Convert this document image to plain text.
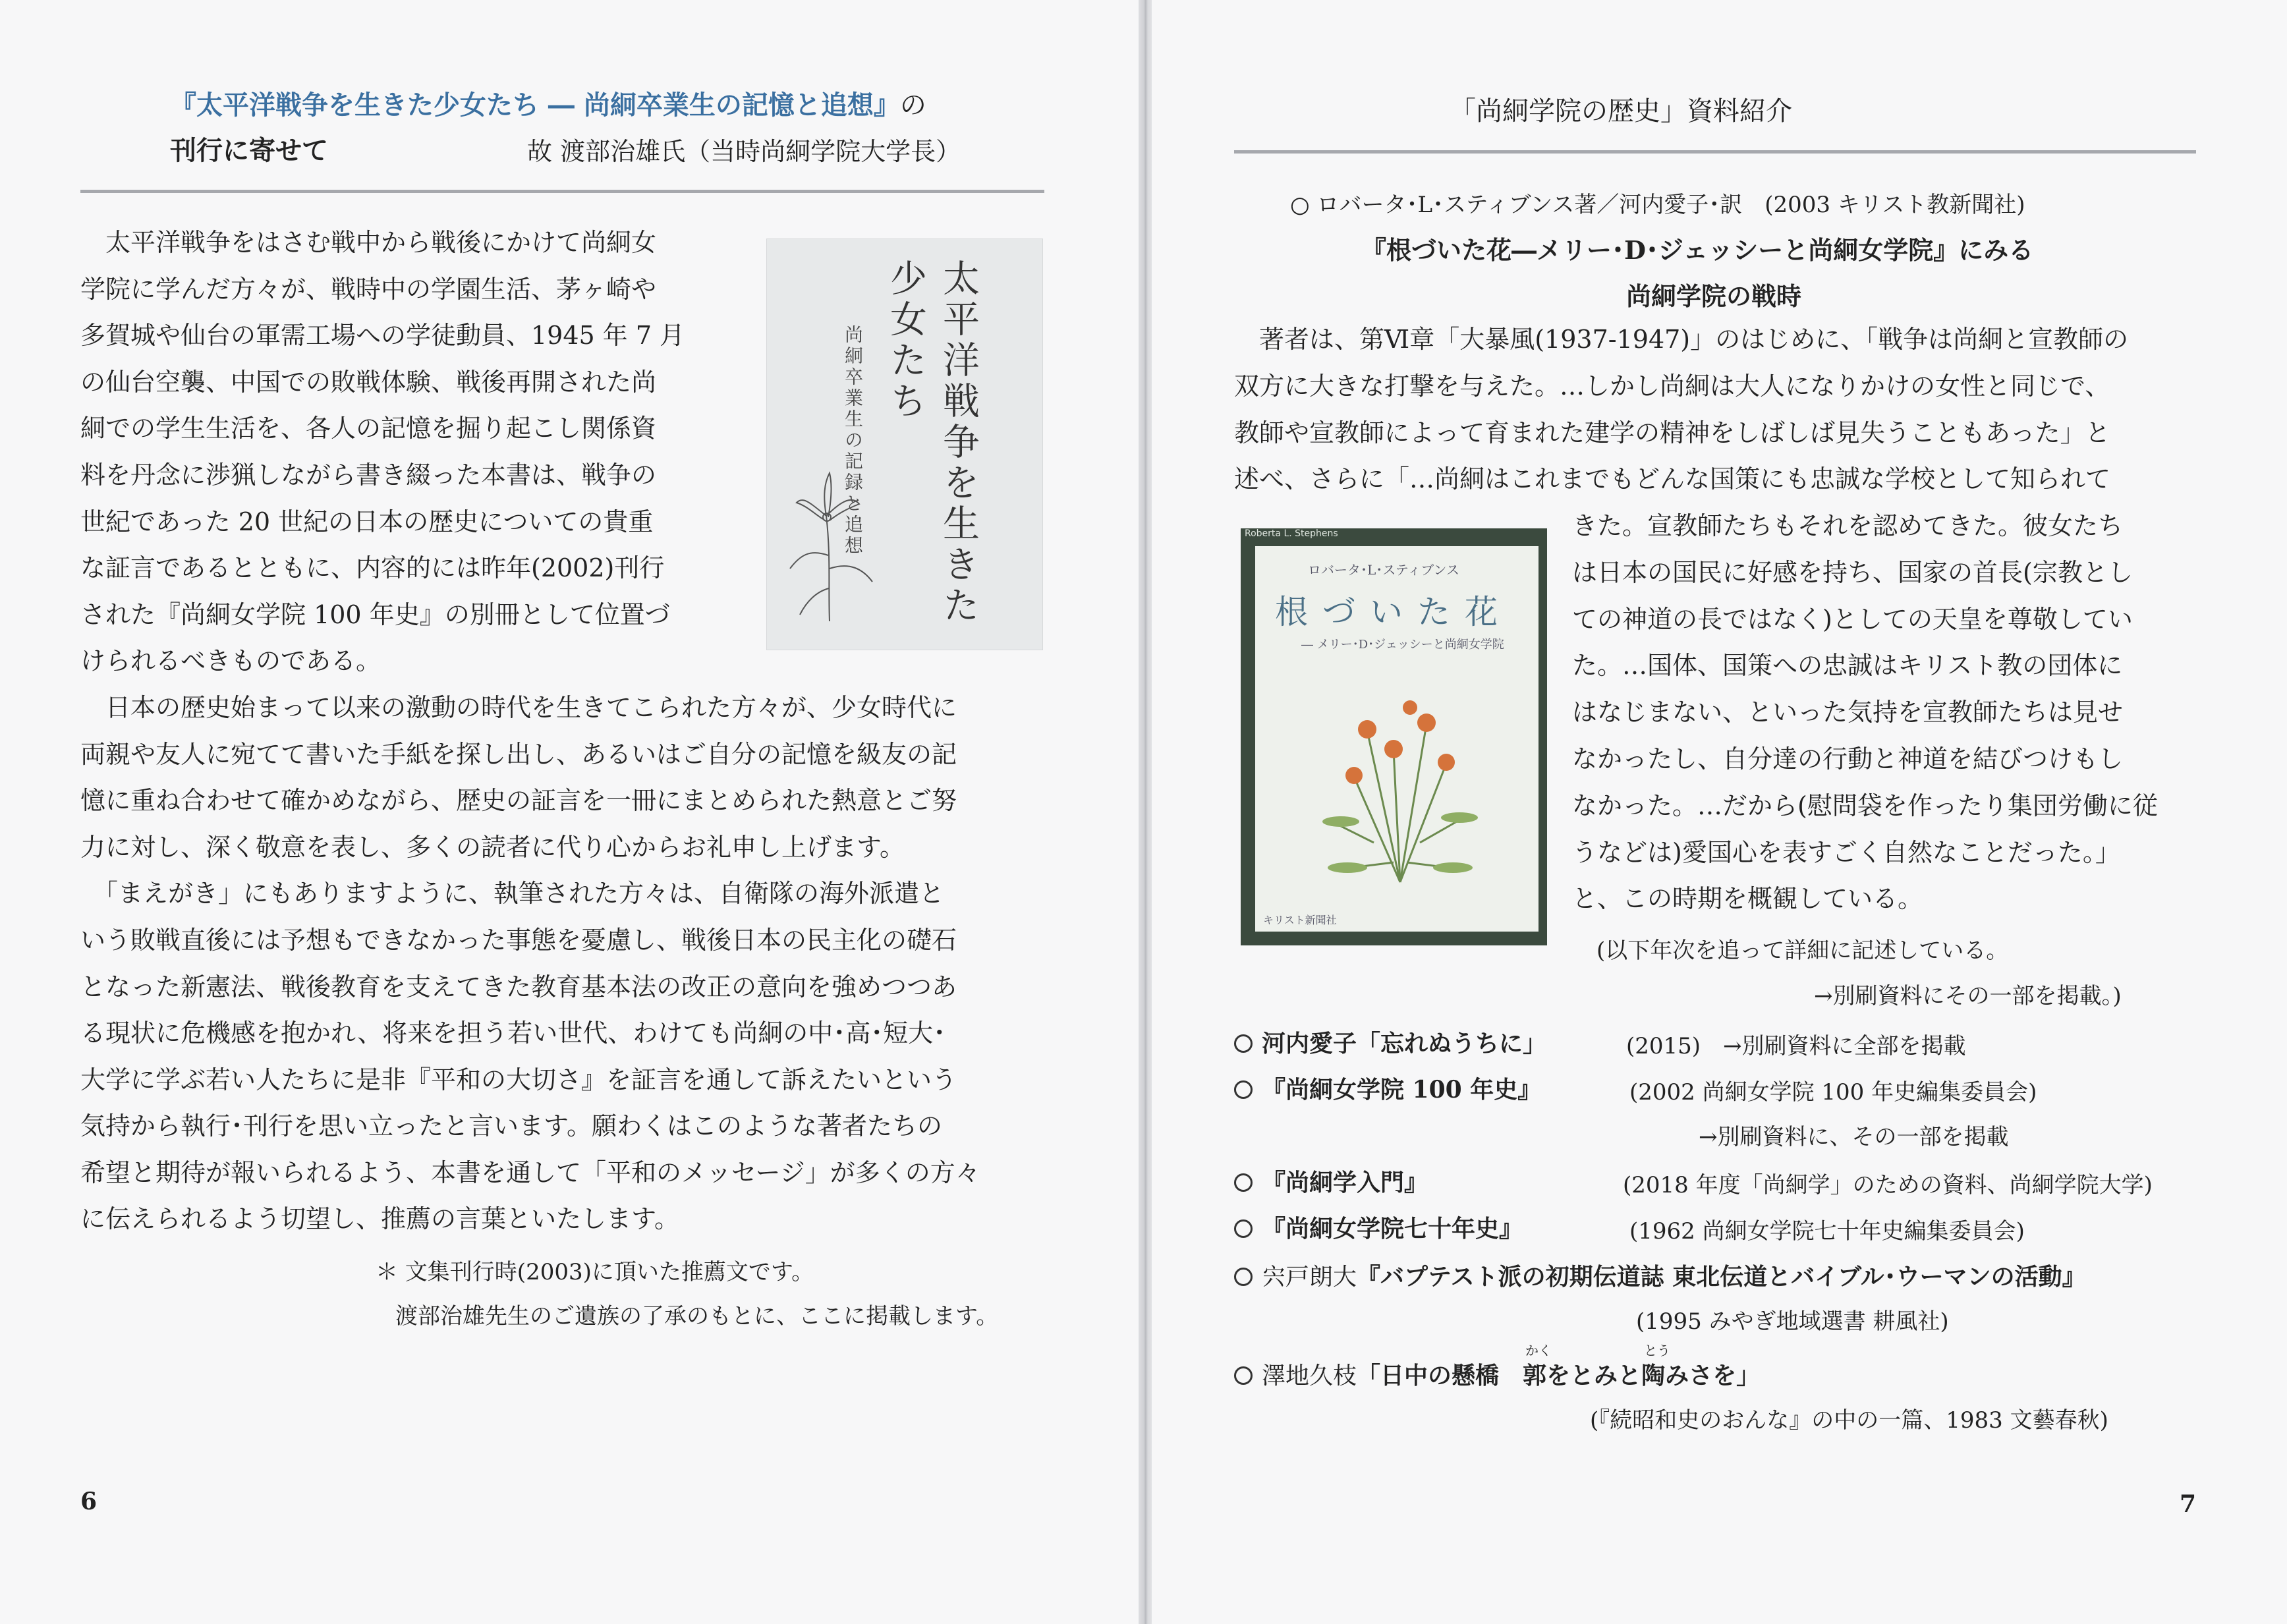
『太平洋戦争を生きた少女たち ― 尚絅卒業生の記憶と追想』の
刊行に寄せて	故 渡部治雄氏（当時尚絅学院大学長）
太平洋戦争を生きた少女たち
尚絅卒業生の記録と追想

　太平洋戦争をはさむ戦中から戦後にかけて尚絅女

学院に学んだ方々が、戦時中の学園生活、茅ヶ崎や

多賀城や仙台の軍需工場への学徒動員、1945 年 7 月

の仙台空襲、中国での敗戦体験、戦後再開された尚

絅での学生生活を、各人の記憶を掘り起こし関係資

料を丹念に渉猟しながら書き綴った本書は、戦争の

世紀であった 20 世紀の日本の歴史についての貴重

な証言であるとともに、内容的には昨年(2002)刊行

された『尚絅女学院 100 年史』の別冊として位置づ

けられるべきものである。

　日本の歴史始まって以来の激動の時代を生きてこられた方々が、少女時代に

両親や友人に宛てて書いた手紙を探し出し、あるいはご自分の記憶を級友の記

憶に重ね合わせて確かめながら、歴史の証言を一冊にまとめられた熱意とご努

力に対し、深く敬意を表し、多くの読者に代り心からお礼申し上げます。

　「まえがき」にもありますように、執筆された方々は、自衛隊の海外派遣と

いう敗戦直後には予想もできなかった事態を憂慮し、戦後日本の民主化の礎石

となった新憲法、戦後教育を支えてきた教育基本法の改正の意向を強めつつあ

る現状に危機感を抱かれ、将来を担う若い世代、わけても尚絅の中･高･短大･

大学に学ぶ若い人たちに是非『平和の大切さ』を証言を通して訴えたいという

気持から執行･刊行を思い立ったと言います。願わくはこのような著者たちの

希望と期待が報いられるよう、本書を通して「平和のメッセージ」が多くの方々

に伝えられるよう切望し、推薦の言葉といたします。

＊ 文集刊行時(2003)に頂いた推薦文です。
渡部治雄先生のご遺族の了承のもとに、ここに掲載します。
6
「尚絅学院の歴史」資料紹介
○ ロバータ･L･スティブンス著／河内愛子･訳　(2003 キリスト教新聞社)
『根づいた花―メリー･D･ジェッシーと尚絅女学院』にみる
尚絅学院の戦時

　著者は、第Ⅵ章「大暴風(1937-1947)」のはじめに、「戦争は尚絅と宣教師の

双方に大きな打撃を与えた。…しかし尚絅は大人になりかけの女性と同じで、

教師や宣教師によって育まれた建学の精神をしばしば見失うこともあった」と

述べ、さらに「…尚絅はこれまでもどんな国策にも忠誠な学校として知られて

Roberta L. Stephens
ロバータ･L･スティブンス
根づいた花
― メリー･D･ジェッシーと尚絅女学院
キリスト新聞社

きた。宣教師たちもそれを認めてきた。彼女たち

は日本の国民に好感を持ち、国家の首長(宗教とし

ての神道の長ではなく)としての天皇を尊敬してい

た。…国体、国策への忠誠はキリスト教の団体に

はなじまない、といった気持を宣教師たちは見せ

なかったし、自分達の行動と神道を結びつけもし

なかった。…だから(慰問袋を作ったり集団労働に従

うなどは)愛国心を表すごく自然なことだった。」

と、この時期を概観している。

(以下年次を追って詳細に記述している。
→別刷資料にその一部を掲載。)
河内愛子「忘れぬうちに」	(2015)　→別刷資料に全部を掲載
『尚絅女学院 100 年史』	(2002 尚絅女学院 100 年史編集委員会)
→別刷資料に、その一部を掲載
『尚絅学入門』	(2018 年度「尚絅学」のための資料、尚絅学院大学)
『尚絅女学院七十年史』	(1962 尚絅女学院七十年史編集委員会)
宍戸朗大『バプテスト派の初期伝道誌 東北伝道とバイブル･ウーマンの活動』
(1995 みやぎ地域選書 耕風社)
澤地久枝「日中の懸橋　
かく
郭をとみと
とう
陶みさを」
(『続昭和史のおんな』の中の一篇、1983 文藝春秋)
7
